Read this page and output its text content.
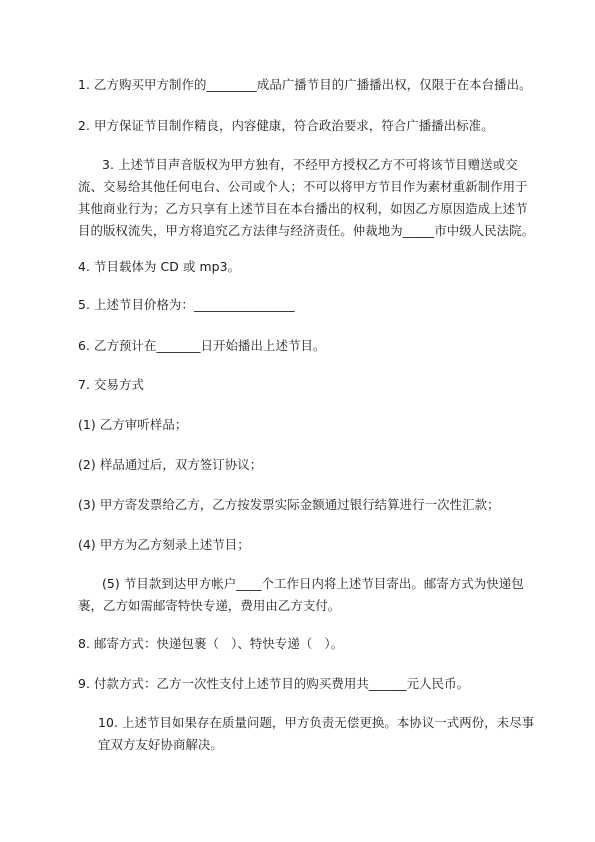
1. 乙方购买甲方制作的________成品广播节目的广播播出权，仅限于在本台播出。

2. 甲方保证节目制作精良，内容健康，符合政治要求，符合广播播出标准。

3. 上述节目声音版权为甲方独有，不经甲方授权乙方不可将该节目赠送或交流、交易给其他任何电台、公司或个人；不可以将甲方节目作为素材重新制作用于其他商业行为；乙方只享有上述节目在本台播出的权利，如因乙方原因造成上述节目的版权流失，甲方将追究乙方法律与经济责任。仲裁地为_____市中级人民法院。

4. 节目载体为 CD 或 mp3。

5. 上述节目价格为：________________

6. 乙方预计在_______日开始播出上述节目。

7. 交易方式

(1) 乙方审听样品；

(2) 样品通过后，双方签订协议；

(3) 甲方寄发票给乙方，乙方按发票实际金额通过银行结算进行一次性汇款；

(4) 甲方为乙方刻录上述节目；

(5) 节目款到达甲方帐户____个工作日内将上述节目寄出。邮寄方式为快递包裹，乙方如需邮寄特快专递，费用由乙方支付。

8. 邮寄方式：快递包裹（   ）、特快专递（   ）。

9. 付款方式：乙方一次性支付上述节目的购买费用共______元人民币。

10. 上述节目如果存在质量问题，甲方负责无偿更换。本协议一式两份，未尽事宜双方友好协商解决。
